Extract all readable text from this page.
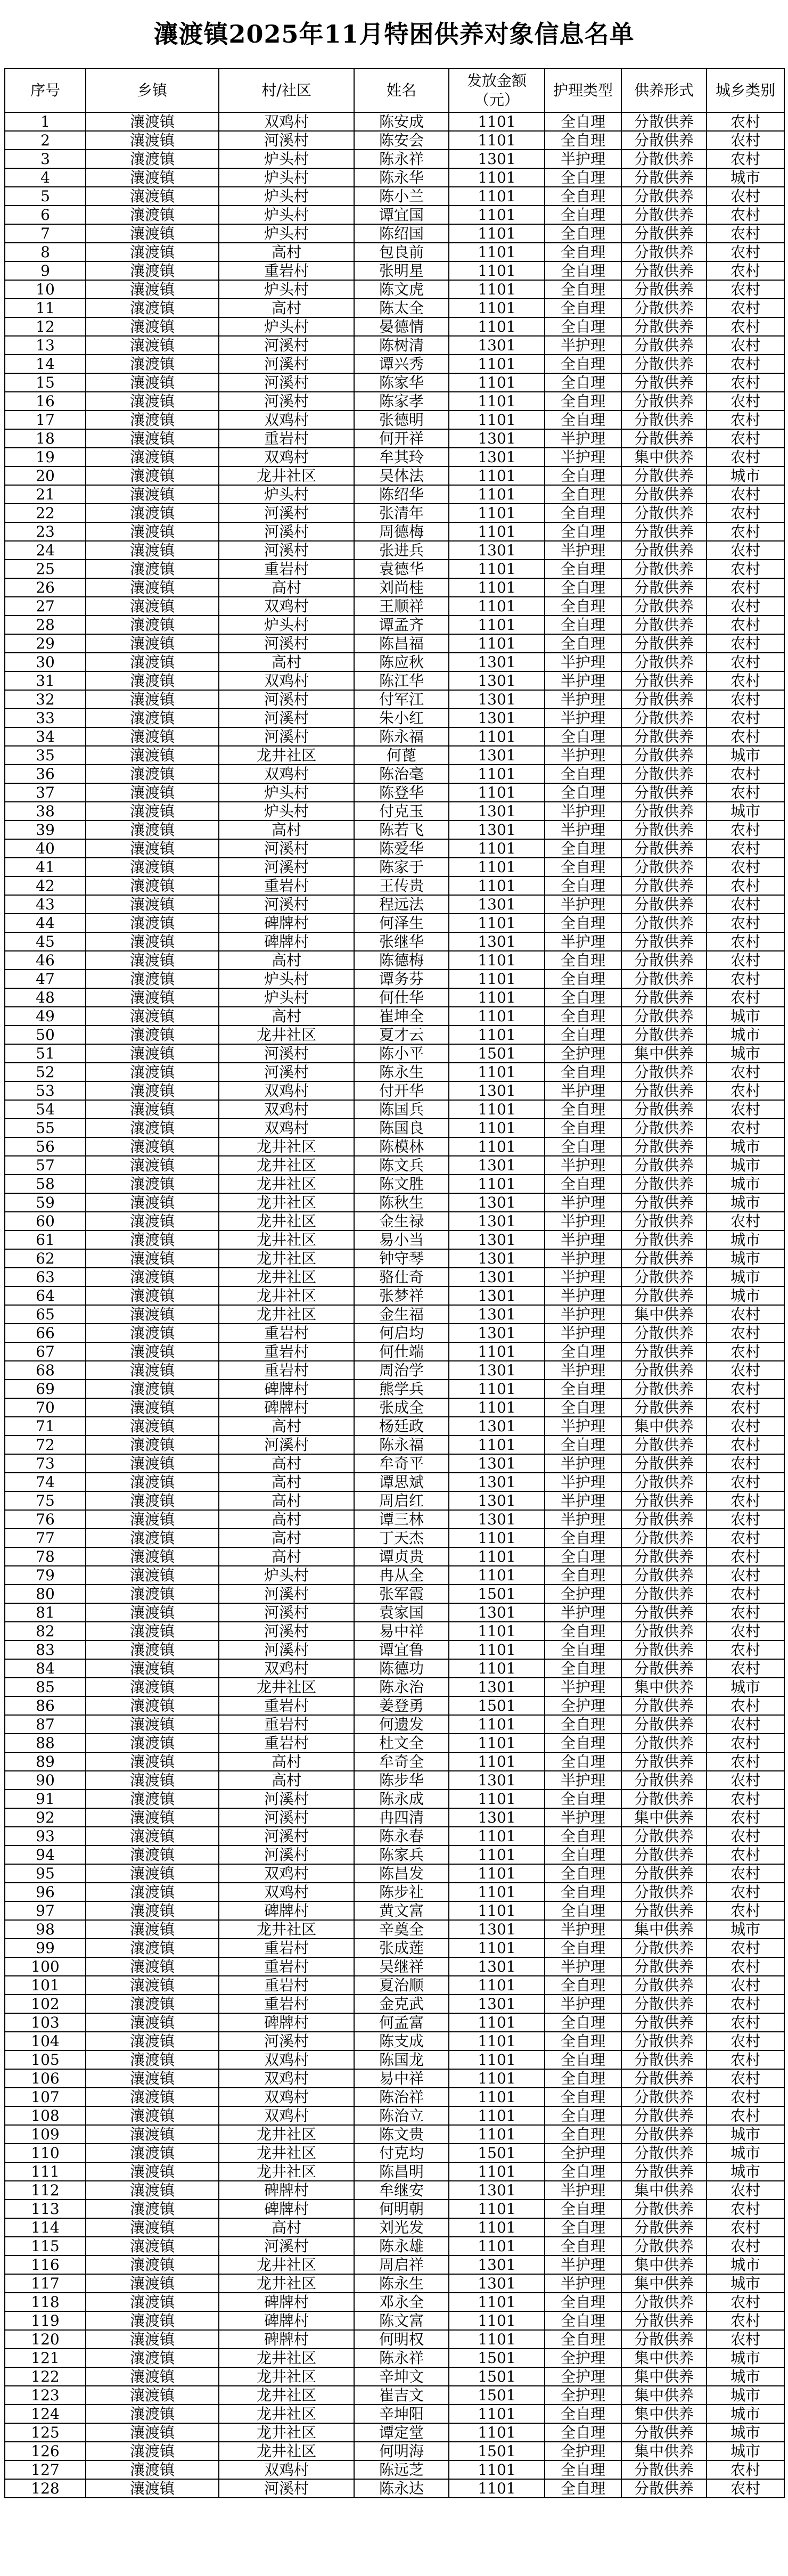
瀼渡镇2025年11月特困供养对象信息名单
序号	乡镇	村/社区	姓名	发放金额（元）	护理类型	供养形式	城乡类别
1	瀼渡镇	双鸡村	陈安成	1101	全自理	分散供养	农村
2	瀼渡镇	河溪村	陈安会	1101	全自理	分散供养	农村
3	瀼渡镇	炉头村	陈永祥	1301	半护理	分散供养	农村
4	瀼渡镇	炉头村	陈永华	1101	全自理	分散供养	城市
5	瀼渡镇	炉头村	陈小兰	1101	全自理	分散供养	农村
6	瀼渡镇	炉头村	谭宜国	1101	全自理	分散供养	农村
7	瀼渡镇	炉头村	陈绍国	1101	全自理	分散供养	农村
8	瀼渡镇	高村	包良前	1101	全自理	分散供养	农村
9	瀼渡镇	重岩村	张明星	1101	全自理	分散供养	农村
10	瀼渡镇	炉头村	陈文虎	1101	全自理	分散供养	农村
11	瀼渡镇	高村	陈太全	1101	全自理	分散供养	农村
12	瀼渡镇	炉头村	晏德情	1101	全自理	分散供养	农村
13	瀼渡镇	河溪村	陈树清	1301	半护理	分散供养	农村
14	瀼渡镇	河溪村	谭兴秀	1101	全自理	分散供养	农村
15	瀼渡镇	河溪村	陈家华	1101	全自理	分散供养	农村
16	瀼渡镇	河溪村	陈家孝	1101	全自理	分散供养	农村
17	瀼渡镇	双鸡村	张德明	1101	全自理	分散供养	农村
18	瀼渡镇	重岩村	何开祥	1301	半护理	分散供养	农村
19	瀼渡镇	双鸡村	牟其玲	1301	半护理	集中供养	农村
20	瀼渡镇	龙井社区	吴体法	1101	全自理	分散供养	城市
21	瀼渡镇	炉头村	陈绍华	1101	全自理	分散供养	农村
22	瀼渡镇	河溪村	张清年	1101	全自理	分散供养	农村
23	瀼渡镇	河溪村	周德梅	1101	全自理	分散供养	农村
24	瀼渡镇	河溪村	张进兵	1301	半护理	分散供养	农村
25	瀼渡镇	重岩村	袁德华	1101	全自理	分散供养	农村
26	瀼渡镇	高村	刘尚桂	1101	全自理	分散供养	农村
27	瀼渡镇	双鸡村	王顺祥	1101	全自理	分散供养	农村
28	瀼渡镇	炉头村	谭孟齐	1101	全自理	分散供养	农村
29	瀼渡镇	河溪村	陈昌福	1101	全自理	分散供养	农村
30	瀼渡镇	高村	陈应秋	1301	半护理	分散供养	农村
31	瀼渡镇	双鸡村	陈江华	1301	半护理	分散供养	农村
32	瀼渡镇	河溪村	付军江	1301	半护理	分散供养	农村
33	瀼渡镇	河溪村	朱小红	1301	半护理	分散供养	农村
34	瀼渡镇	河溪村	陈永福	1101	全自理	分散供养	农村
35	瀼渡镇	龙井社区	何蓖	1301	半护理	分散供养	城市
36	瀼渡镇	双鸡村	陈治毫	1101	全自理	分散供养	农村
37	瀼渡镇	炉头村	陈登华	1101	全自理	分散供养	农村
38	瀼渡镇	炉头村	付克玉	1301	半护理	分散供养	城市
39	瀼渡镇	高村	陈若飞	1301	半护理	分散供养	农村
40	瀼渡镇	河溪村	陈爱华	1101	全自理	分散供养	农村
41	瀼渡镇	河溪村	陈家于	1101	全自理	分散供养	农村
42	瀼渡镇	重岩村	王传贵	1101	全自理	分散供养	农村
43	瀼渡镇	河溪村	程远法	1301	半护理	分散供养	农村
44	瀼渡镇	碑牌村	何泽生	1101	全自理	分散供养	农村
45	瀼渡镇	碑牌村	张继华	1301	半护理	分散供养	农村
46	瀼渡镇	高村	陈德梅	1101	全自理	分散供养	农村
47	瀼渡镇	炉头村	谭务芬	1101	全自理	分散供养	农村
48	瀼渡镇	炉头村	何仕华	1101	全自理	分散供养	农村
49	瀼渡镇	高村	崔坤全	1101	全自理	分散供养	城市
50	瀼渡镇	龙井社区	夏才云	1101	全自理	分散供养	城市
51	瀼渡镇	河溪村	陈小平	1501	全护理	集中供养	城市
52	瀼渡镇	河溪村	陈永生	1101	全自理	分散供养	农村
53	瀼渡镇	双鸡村	付开华	1301	半护理	分散供养	农村
54	瀼渡镇	双鸡村	陈国兵	1101	全自理	分散供养	农村
55	瀼渡镇	双鸡村	陈国良	1101	全自理	分散供养	农村
56	瀼渡镇	龙井社区	陈模林	1101	全自理	分散供养	城市
57	瀼渡镇	龙井社区	陈文兵	1301	半护理	分散供养	城市
58	瀼渡镇	龙井社区	陈文胜	1101	全自理	分散供养	城市
59	瀼渡镇	龙井社区	陈秋生	1301	半护理	分散供养	城市
60	瀼渡镇	龙井社区	金生禄	1301	半护理	分散供养	农村
61	瀼渡镇	龙井社区	易小当	1301	半护理	分散供养	城市
62	瀼渡镇	龙井社区	钟守琴	1301	半护理	分散供养	城市
63	瀼渡镇	龙井社区	骆仕奇	1301	半护理	分散供养	城市
64	瀼渡镇	龙井社区	张梦祥	1301	半护理	分散供养	城市
65	瀼渡镇	龙井社区	金生福	1301	半护理	集中供养	农村
66	瀼渡镇	重岩村	何启均	1301	半护理	分散供养	农村
67	瀼渡镇	重岩村	何仕端	1101	全自理	分散供养	农村
68	瀼渡镇	重岩村	周治学	1301	半护理	分散供养	农村
69	瀼渡镇	碑牌村	熊学兵	1101	全自理	分散供养	农村
70	瀼渡镇	碑牌村	张成全	1101	全自理	分散供养	农村
71	瀼渡镇	高村	杨廷政	1301	半护理	集中供养	农村
72	瀼渡镇	河溪村	陈永福	1101	全自理	分散供养	农村
73	瀼渡镇	高村	牟奇平	1301	半护理	分散供养	农村
74	瀼渡镇	高村	谭思斌	1301	半护理	分散供养	农村
75	瀼渡镇	高村	周启红	1301	半护理	分散供养	农村
76	瀼渡镇	高村	谭三林	1301	半护理	分散供养	农村
77	瀼渡镇	高村	丁天杰	1101	全自理	分散供养	农村
78	瀼渡镇	高村	谭贞贵	1101	全自理	分散供养	农村
79	瀼渡镇	炉头村	冉从全	1101	全自理	分散供养	农村
80	瀼渡镇	河溪村	张军霞	1501	全护理	分散供养	农村
81	瀼渡镇	河溪村	袁家国	1301	半护理	分散供养	农村
82	瀼渡镇	河溪村	易中祥	1101	全自理	分散供养	农村
83	瀼渡镇	河溪村	谭宜鲁	1101	全自理	分散供养	农村
84	瀼渡镇	双鸡村	陈德功	1101	全自理	分散供养	农村
85	瀼渡镇	龙井社区	陈永治	1301	半护理	集中供养	城市
86	瀼渡镇	重岩村	姜登勇	1501	全护理	分散供养	农村
87	瀼渡镇	重岩村	何遗发	1101	全自理	分散供养	农村
88	瀼渡镇	重岩村	杜文全	1101	全自理	分散供养	农村
89	瀼渡镇	高村	牟奇全	1101	全自理	分散供养	农村
90	瀼渡镇	高村	陈步华	1301	半护理	分散供养	农村
91	瀼渡镇	河溪村	陈永成	1101	全自理	分散供养	农村
92	瀼渡镇	河溪村	冉四清	1301	半护理	集中供养	农村
93	瀼渡镇	河溪村	陈永春	1101	全自理	分散供养	农村
94	瀼渡镇	河溪村	陈家兵	1101	全自理	分散供养	农村
95	瀼渡镇	双鸡村	陈昌发	1101	全自理	分散供养	农村
96	瀼渡镇	双鸡村	陈步社	1101	全自理	分散供养	农村
97	瀼渡镇	碑牌村	黄文富	1101	全自理	分散供养	农村
98	瀼渡镇	龙井社区	辛奠全	1301	半护理	集中供养	城市
99	瀼渡镇	重岩村	张成莲	1101	全自理	分散供养	农村
100	瀼渡镇	重岩村	吴继祥	1301	半护理	分散供养	农村
101	瀼渡镇	重岩村	夏治顺	1101	全自理	分散供养	农村
102	瀼渡镇	重岩村	金克武	1301	半护理	分散供养	农村
103	瀼渡镇	碑牌村	何孟富	1101	全自理	分散供养	农村
104	瀼渡镇	河溪村	陈支成	1101	全自理	分散供养	农村
105	瀼渡镇	双鸡村	陈国龙	1101	全自理	分散供养	农村
106	瀼渡镇	双鸡村	易中祥	1101	全自理	分散供养	农村
107	瀼渡镇	双鸡村	陈治祥	1101	全自理	分散供养	农村
108	瀼渡镇	双鸡村	陈治立	1101	全自理	分散供养	农村
109	瀼渡镇	龙井社区	陈文贵	1101	全自理	分散供养	城市
110	瀼渡镇	龙井社区	付克均	1501	全护理	分散供养	城市
111	瀼渡镇	龙井社区	陈昌明	1101	全自理	分散供养	城市
112	瀼渡镇	碑牌村	牟继安	1301	半护理	集中供养	农村
113	瀼渡镇	碑牌村	何明朝	1101	全自理	分散供养	农村
114	瀼渡镇	高村	刘光发	1101	全自理	分散供养	农村
115	瀼渡镇	河溪村	陈永雄	1101	全自理	分散供养	农村
116	瀼渡镇	龙井社区	周启祥	1301	半护理	集中供养	城市
117	瀼渡镇	龙井社区	陈永生	1301	半护理	集中供养	城市
118	瀼渡镇	碑牌村	邓永全	1101	全自理	分散供养	农村
119	瀼渡镇	碑牌村	陈文富	1101	全自理	分散供养	农村
120	瀼渡镇	碑牌村	何明权	1101	全自理	分散供养	农村
121	瀼渡镇	龙井社区	陈永祥	1501	全护理	集中供养	城市
122	瀼渡镇	龙井社区	辛坤文	1501	全护理	集中供养	城市
123	瀼渡镇	龙井社区	崔吉文	1501	全护理	集中供养	城市
124	瀼渡镇	龙井社区	辛坤阳	1101	全自理	集中供养	城市
125	瀼渡镇	龙井社区	谭定堂	1101	全自理	分散供养	城市
126	瀼渡镇	龙井社区	何明海	1501	全护理	集中供养	城市
127	瀼渡镇	双鸡村	陈远芝	1101	全自理	分散供养	农村
128	瀼渡镇	河溪村	陈永达	1101	全自理	分散供养	农村
